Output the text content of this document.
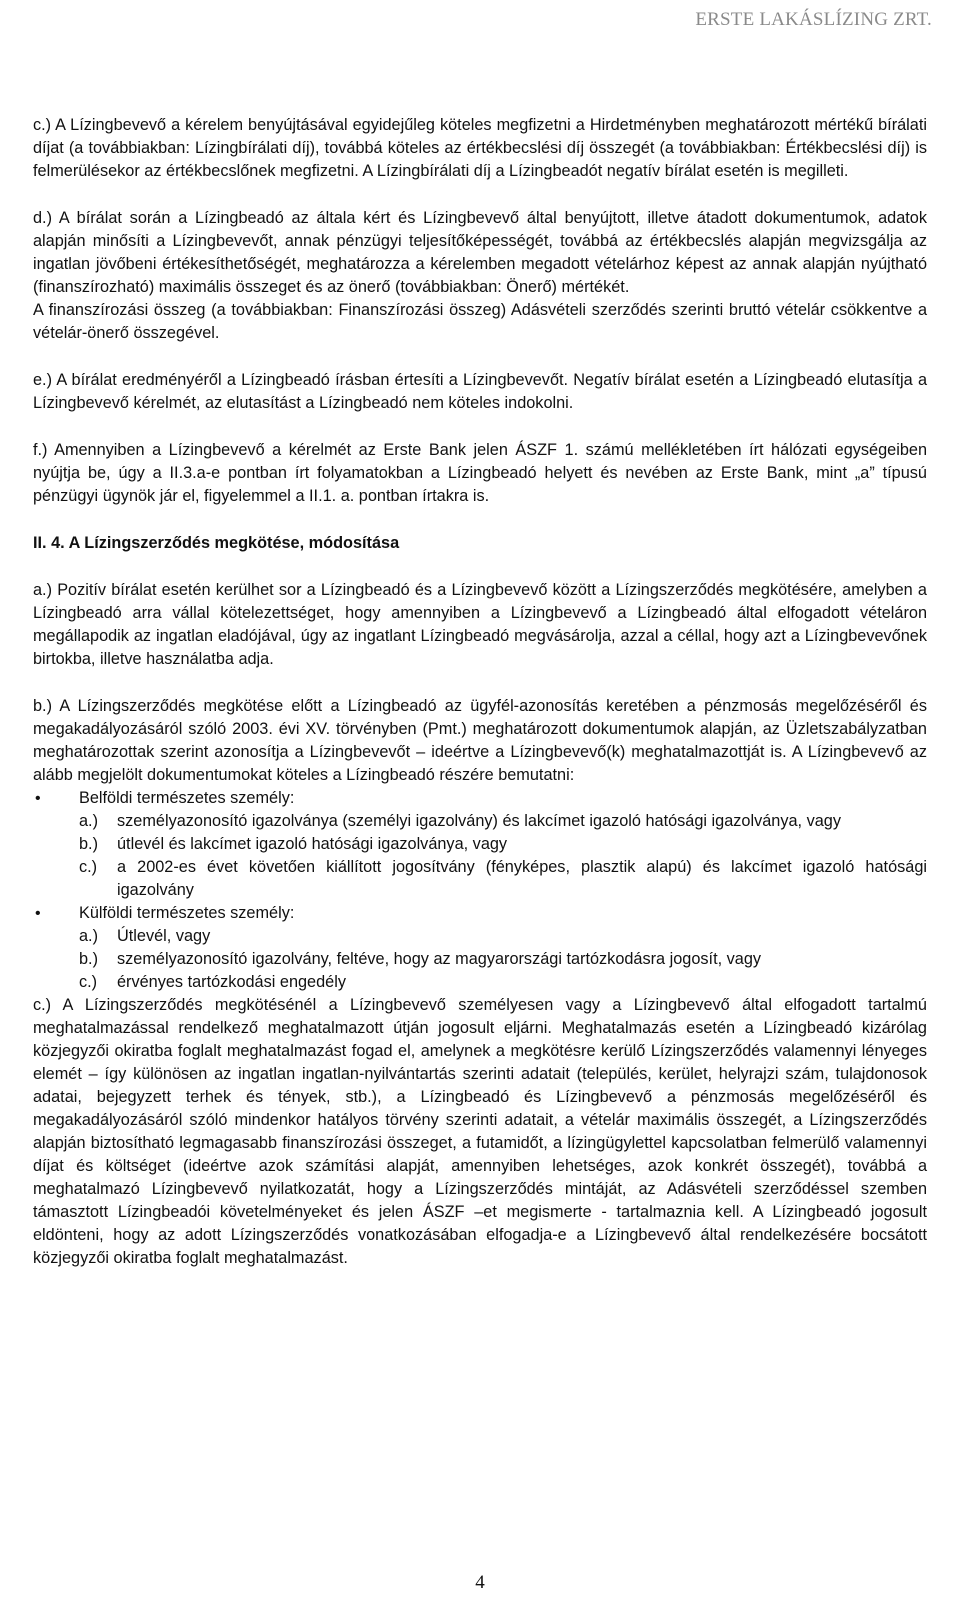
ERSTE LAKÁSLÍZING ZRT.

c.) A Lízingbevevő a kérelem benyújtásával egyidejűleg köteles megfizetni a Hirdetményben meghatározott mértékű bírálati díjat (a továbbiakban: Lízingbírálati díj), továbbá köteles az értékbecslési díj összegét (a továbbiakban: Értékbecslési díj) is felmerülésekor az értékbecslőnek megfizetni. A Lízingbírálati díj a Lízingbeadót negatív bírálat esetén is megilleti.

d.) A bírálat során a Lízingbeadó az általa kért és Lízingbevevő által benyújtott, illetve átadott dokumentumok, adatok alapján minősíti a Lízingbevevőt, annak pénzügyi teljesítőképességét, továbbá az értékbecslés alapján megvizsgálja az ingatlan jövőbeni értékesíthetőségét, meghatározza a kérelemben megadott vételárhoz képest az annak alapján nyújtható (finanszírozható) maximális összeget és az önerő (továbbiakban: Önerő) mértékét.

A finanszírozási összeg (a továbbiakban: Finanszírozási összeg) Adásvételi szerződés szerinti bruttó vételár csökkentve a vételár-önerő összegével.

e.) A bírálat eredményéről a Lízingbeadó írásban értesíti a Lízingbevevőt. Negatív bírálat esetén a Lízingbeadó elutasítja a Lízingbevevő kérelmét, az elutasítást a Lízingbeadó nem köteles indokolni.

f.) Amennyiben a Lízingbevevő a kérelmét az Erste Bank jelen ÁSZF 1. számú mellékletében írt hálózati egységeiben nyújtja be, úgy a II.3.a-e pontban írt folyamatokban a Lízingbeadó helyett és nevében az Erste Bank, mint „a” típusú pénzügyi ügynök jár el, figyelemmel a II.1. a. pontban írtakra is.

II. 4. A Lízingszerződés megkötése, módosítása

a.) Pozitív bírálat esetén kerülhet sor a Lízingbeadó és a Lízingbevevő között a Lízingszerződés megkötésére, amelyben a Lízingbeadó arra vállal kötelezettséget, hogy amennyiben a Lízingbevevő a Lízingbeadó által elfogadott vételáron megállapodik az ingatlan eladójával, úgy az ingatlant Lízingbeadó megvásárolja, azzal a céllal, hogy azt a Lízingbevevőnek birtokba, illetve használatba adja.

b.) A Lízingszerződés megkötése előtt a Lízingbeadó az ügyfél-azonosítás keretében a pénzmosás megelőzéséről és megakadályozásáról szóló 2003. évi XV. törvényben (Pmt.) meghatározott dokumentumok alapján, az Üzletszabályzatban meghatározottak szerint azonosítja a Lízingbevevőt – ideértve a Lízingbevevő(k) meghatalmazottját is. A Lízingbevevő az alább megjelölt dokumentumokat köteles a Lízingbeadó részére bemutatni:

• Belföldi természetes személy:
a.) személyazonosító igazolványa (személyi igazolvány) és lakcímet igazoló hatósági igazolványa, vagy
b.) útlevél és lakcímet igazoló hatósági igazolványa, vagy
c.) a 2002-es évet követően kiállított jogosítvány (fényképes, plasztik alapú) és lakcímet igazoló hatósági igazolvány
• Külföldi természetes személy:
a.) Útlevél, vagy
b.) személyazonosító igazolvány, feltéve, hogy az magyarországi tartózkodásra jogosít, vagy
c.) érvényes tartózkodási engedély

c.) A Lízingszerződés megkötésénél a Lízingbevevő személyesen vagy a Lízingbevevő által elfogadott tartalmú meghatalmazással rendelkező meghatalmazott útján jogosult eljárni. Meghatalmazás esetén a Lízingbeadó kizárólag közjegyzői okiratba foglalt meghatalmazást fogad el, amelynek a megkötésre kerülő Lízingszerződés valamennyi lényeges elemét – így különösen az ingatlan ingatlan-nyilvántartás szerinti adatait (település, kerület, helyrajzi szám, tulajdonosok adatai, bejegyzett terhek és tények, stb.), a Lízingbeadó és Lízingbevevő a pénzmosás megelőzéséről és megakadályozásáról szóló mindenkor hatályos törvény szerinti adatait, a vételár maximális összegét, a Lízingszerződés alapján biztosítható legmagasabb finanszírozási összeget, a futamidőt, a lízingügylettel kapcsolatban felmerülő valamennyi díjat és költséget (ideértve azok számítási alapját, amennyiben lehetséges, azok konkrét összegét), továbbá a meghatalmazó Lízingbevevő nyilatkozatát, hogy a Lízingszerződés mintáját, az Adásvételi szerződéssel szemben támasztott Lízingbeadói követelményeket és jelen ÁSZF –et megismerte - tartalmaznia kell. A Lízingbeadó jogosult eldönteni, hogy az adott Lízingszerződés vonatkozásában elfogadja-e a Lízingbevevő által rendelkezésére bocsátott közjegyzői okiratba foglalt meghatalmazást.

4
